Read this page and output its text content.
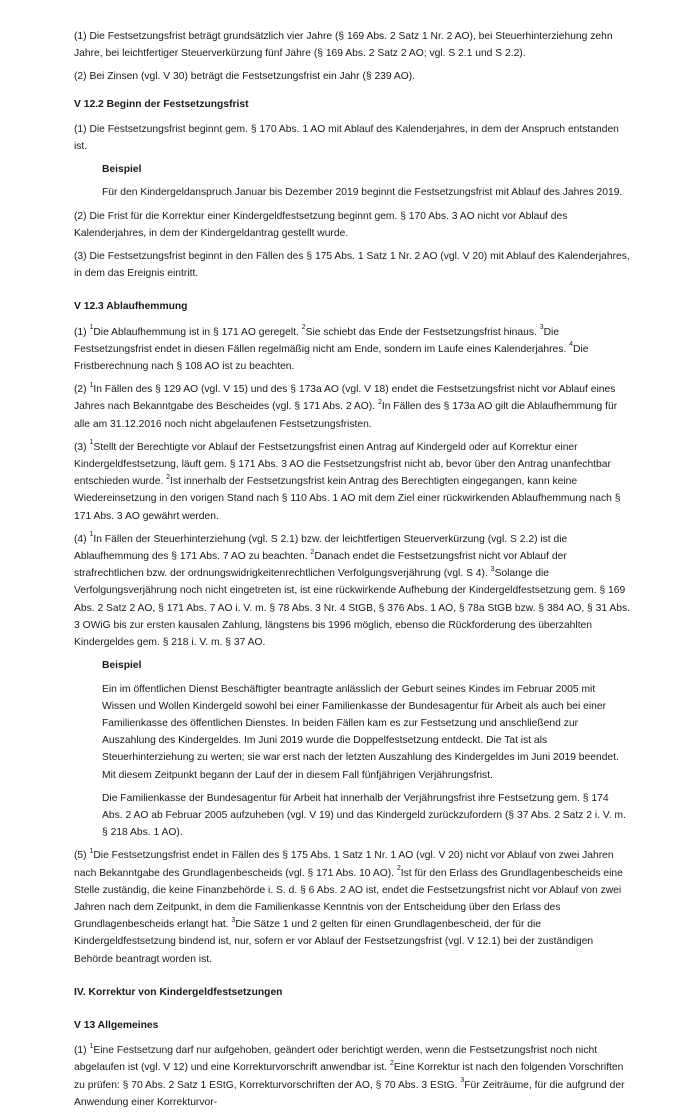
(1) Die Festsetzungsfrist beträgt grundsätzlich vier Jahre (§ 169 Abs. 2 Satz 1 Nr. 2 AO), bei Steuerhinterziehung zehn Jahre, bei leichtfertiger Steuerverkürzung fünf Jahre (§ 169 Abs. 2 Satz 2 AO; vgl. S 2.1 und S 2.2).

(2) Bei Zinsen (vgl. V 30) beträgt die Festsetzungsfrist ein Jahr (§ 239 AO).

V 12.2 Beginn der Festsetzungsfrist

(1) Die Festsetzungsfrist beginnt gem. § 170 Abs. 1 AO mit Ablauf des Kalenderjahres, in dem der Anspruch entstanden ist.

Beispiel

Für den Kindergeldanspruch Januar bis Dezember 2019 beginnt die Festsetzungsfrist mit Ablauf des Jahres 2019.

(2) Die Frist für die Korrektur einer Kindergeldfestsetzung beginnt gem. § 170 Abs. 3 AO nicht vor Ablauf des Kalenderjahres, in dem der Kindergeldantrag gestellt wurde.

(3) Die Festsetzungsfrist beginnt in den Fällen des § 175 Abs. 1 Satz 1 Nr. 2 AO (vgl. V 20) mit Ablauf des Kalenderjahres, in dem das Ereignis eintritt.

V 12.3 Ablaufhemmung

(1) $^1$Die Ablaufhemmung ist in § 171 AO geregelt. $^2$Sie schiebt das Ende der Festsetzungsfrist hinaus. $^3$Die Festsetzungsfrist endet in diesen Fällen regelmäßig nicht am Ende, sondern im Laufe eines Kalenderjahres. $^4$Die Fristberechnung nach § 108 AO ist zu beachten.

(2) $^1$In Fällen des § 129 AO (vgl. V 15) und des § 173a AO (vgl. V 18) endet die Festsetzungsfrist nicht vor Ablauf eines Jahres nach Bekanntgabe des Bescheides (vgl. § 171 Abs. 2 AO). $^2$In Fällen des § 173a AO gilt die Ablaufhemmung für alle am 31.12.2016 noch nicht abgelaufenen Festsetzungsfristen.

(3) $^1$Stellt der Berechtigte vor Ablauf der Festsetzungsfrist einen Antrag auf Kindergeld oder auf Korrektur einer Kindergeldfestsetzung, läuft gem. § 171 Abs. 3 AO die Festsetzungsfrist nicht ab, bevor über den Antrag unanfechtbar entschieden wurde. $^2$Ist innerhalb der Festsetzungsfrist kein Antrag des Berechtigten eingegangen, kann keine Wiedereinsetzung in den vorigen Stand nach § 110 Abs. 1 AO mit dem Ziel einer rückwirkenden Ablaufhemmung nach § 171 Abs. 3 AO gewährt werden.

(4) $^1$In Fällen der Steuerhinterziehung (vgl. S 2.1) bzw. der leichtfertigen Steuerverkürzung (vgl. S 2.2) ist die Ablaufhemmung des § 171 Abs. 7 AO zu beachten. $^2$Danach endet die Festsetzungsfrist nicht vor Ablauf der strafrechtlichen bzw. der ordnungswidrigkeitenrechtlichen Verfolgungsverjährung (vgl. S 4). $^3$Solange die Verfolgungsverjährung noch nicht eingetreten ist, ist eine rückwirkende Aufhebung der Kindergeldfestsetzung gem. § 169 Abs. 2 Satz 2 AO, § 171 Abs. 7 AO i. V. m. § 78 Abs. 3 Nr. 4 StGB, § 376 Abs. 1 AO, § 78a StGB bzw. § 384 AO, § 31 Abs. 3 OWiG bis zur ersten kausalen Zahlung, längstens bis 1996 möglich, ebenso die Rückforderung des überzahlten Kindergeldes gem. § 218 i. V. m. § 37 AO.

Beispiel

Ein im öffentlichen Dienst Beschäftigter beantragte anlässlich der Geburt seines Kindes im Februar 2005 mit Wissen und Wollen Kindergeld sowohl bei einer Familienkasse der Bundesagentur für Arbeit als auch bei einer Familienkasse des öffentlichen Dienstes. In beiden Fällen kam es zur Festsetzung und anschließend zur Auszahlung des Kindergeldes. Im Juni 2019 wurde die Doppelfestsetzung entdeckt. Die Tat ist als Steuerhinterziehung zu werten; sie war erst nach der letzten Auszahlung des Kindergeldes im Juni 2019 beendet. Mit diesem Zeitpunkt begann der Lauf der in diesem Fall fünfjährigen Verjährungsfrist.

Die Familienkasse der Bundesagentur für Arbeit hat innerhalb der Verjährungsfrist ihre Festsetzung gem. § 174 Abs. 2 AO ab Februar 2005 aufzuheben (vgl. V 19) und das Kindergeld zurückzufordern (§ 37 Abs. 2 Satz 2 i. V. m. § 218 Abs. 1 AO).

(5) $^1$Die Festsetzungsfrist endet in Fällen des § 175 Abs. 1 Satz 1 Nr. 1 AO (vgl. V 20) nicht vor Ablauf von zwei Jahren nach Bekanntgabe des Grundlagenbescheids (vgl. § 171 Abs. 10 AO). $^2$Ist für den Erlass des Grundlagenbescheids eine Stelle zuständig, die keine Finanzbehörde i. S. d. § 6 Abs. 2 AO ist, endet die Festsetzungsfrist nicht vor Ablauf von zwei Jahren nach dem Zeitpunkt, in dem die Familienkasse Kenntnis von der Entscheidung über den Erlass des Grundlagenbescheids erlangt hat. $^3$Die Sätze 1 und 2 gelten für einen Grundlagenbescheid, der für die Kindergeldfestsetzung bindend ist, nur, sofern er vor Ablauf der Festsetzungsfrist (vgl. V 12.1) bei der zuständigen Behörde beantragt worden ist.

IV. Korrektur von Kindergeldfestsetzungen
V 13 Allgemeines

(1) $^1$Eine Festsetzung darf nur aufgehoben, geändert oder berichtigt werden, wenn die Festsetzungsfrist noch nicht abgelaufen ist (vgl. V 12) und eine Korrekturvorschrift anwendbar ist. $^2$Eine Korrektur ist nach den folgenden Vorschriften zu prüfen: § 70 Abs. 2 Satz 1 EStG, Korrekturvorschriften der AO, § 70 Abs. 3 EStG. $^3$Für Zeiträume, für die aufgrund der Anwendung einer Korrekturvor-
